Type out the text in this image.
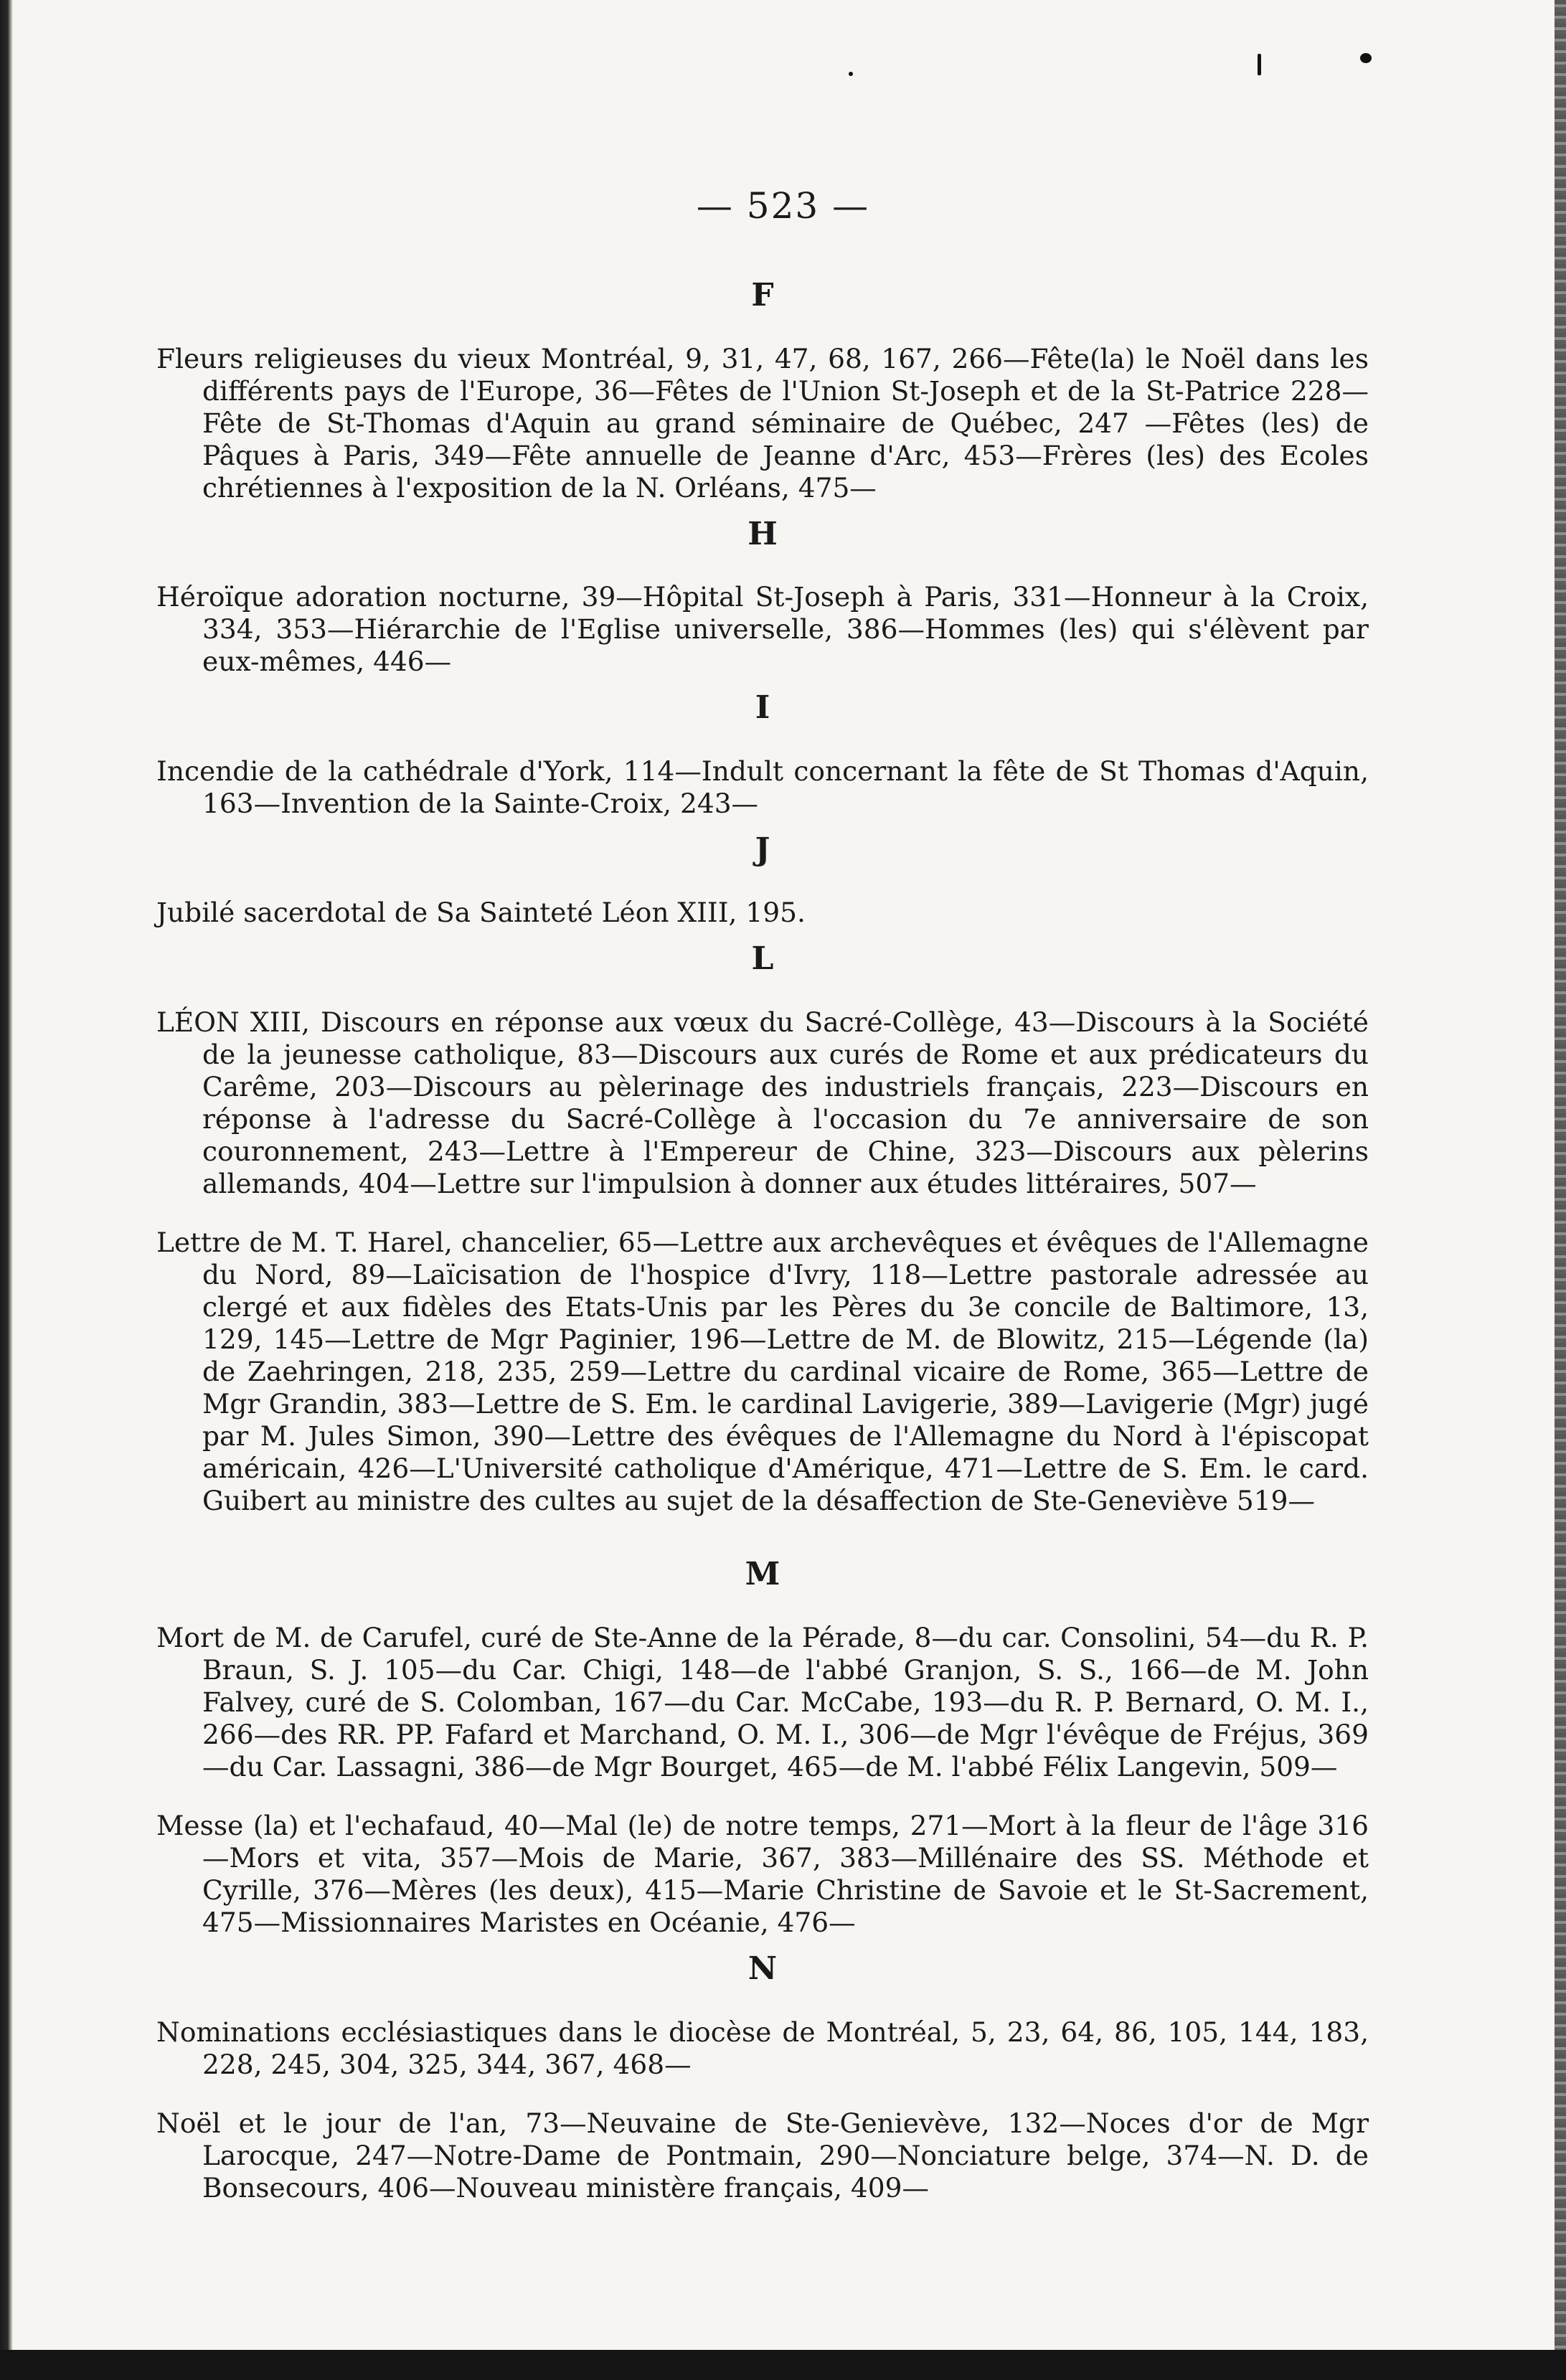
— 523 —
F

Fleurs religieuses du vieux Montréal, 9, 31, 47, 68, 167, 266—Fête(la) le Noël dans les différents pays de l'Europe, 36—Fêtes de l'Union St-Joseph et de la St-Patrice 228—Fête de St-Thomas d'Aquin au grand séminaire de Québec, 247 —Fêtes (les) de Pâques à Paris, 349—Fête annuelle de Jeanne d'Arc, 453—Frères (les) des Ecoles chrétiennes à l'exposition de la N. Orléans, 475—

H

Héroïque adoration nocturne, 39—Hôpital St-Joseph à Paris, 331—Honneur à la Croix, 334, 353—Hiérarchie de l'Eglise universelle, 386—Hommes (les) qui s'élèvent par eux-mêmes, 446—

I

Incendie de la cathédrale d'York, 114—Indult concernant la fête de St Thomas d'Aquin, 163—Invention de la Sainte-Croix, 243—

J

Jubilé sacerdotal de Sa Sainteté Léon XIII, 195.

L

LÉON XIII, Discours en réponse aux vœux du Sacré-Collège, 43—Discours à la Société de la jeunesse catholique, 83—Discours aux curés de Rome et aux prédicateurs du Carême, 203—Discours au pèlerinage des industriels français, 223—Discours en réponse à l'adresse du Sacré-Collège à l'occasion du 7e anniversaire de son couronnement, 243—Lettre à l'Empereur de Chine, 323—Discours aux pèlerins allemands, 404—Lettre sur l'impulsion à donner aux études littéraires, 507—

Lettre de M. T. Harel, chancelier, 65—Lettre aux archevêques et évêques de l'Allemagne du Nord, 89—Laïcisation de l'hospice d'Ivry, 118—Lettre pastorale adressée au clergé et aux fidèles des Etats-Unis par les Pères du 3e concile de Baltimore, 13, 129, 145—Lettre de Mgr Paginier, 196—Lettre de M. de Blowitz, 215—Légende (la) de Zaehringen, 218, 235, 259—Lettre du cardinal vicaire de Rome, 365—Lettre de Mgr Grandin, 383—Lettre de S. Em. le cardinal Lavigerie, 389—Lavigerie (Mgr) jugé par M. Jules Simon, 390—Lettre des évêques de l'Allemagne du Nord à l'épiscopat américain, 426—L'Université catholique d'Amérique, 471—Lettre de S. Em. le card. Guibert au ministre des cultes au sujet de la désaffection de Ste-Geneviève 519—

M

Mort de M. de Carufel, curé de Ste-Anne de la Pérade, 8—du car. Consolini, 54—du R. P. Braun, S. J. 105—du Car. Chigi, 148—de l'abbé Granjon, S. S., 166—de M. John Falvey, curé de S. Colomban, 167—du Car. McCabe, 193—du R. P. Bernard, O. M. I., 266—des RR. PP. Fafard et Marchand, O. M. I., 306—de Mgr l'évêque de Fréjus, 369—du Car. Lassagni, 386—de Mgr Bourget, 465—de M. l'abbé Félix Langevin, 509—

Messe (la) et l'echafaud, 40—Mal (le) de notre temps, 271—Mort à la fleur de l'âge 316—Mors et vita, 357—Mois de Marie, 367, 383—Millénaire des SS. Méthode et Cyrille, 376—Mères (les deux), 415—Marie Christine de Savoie et le St-Sacrement, 475—Missionnaires Maristes en Océanie, 476—

N

Nominations ecclésiastiques dans le diocèse de Montréal, 5, 23, 64, 86, 105, 144, 183, 228, 245, 304, 325, 344, 367, 468—

Noël et le jour de l'an, 73—Neuvaine de Ste-Genievève, 132—Noces d'or de Mgr Larocque, 247—Notre-Dame de Pontmain, 290—Nonciature belge, 374—N. D. de Bonsecours, 406—Nouveau ministère français, 409—
